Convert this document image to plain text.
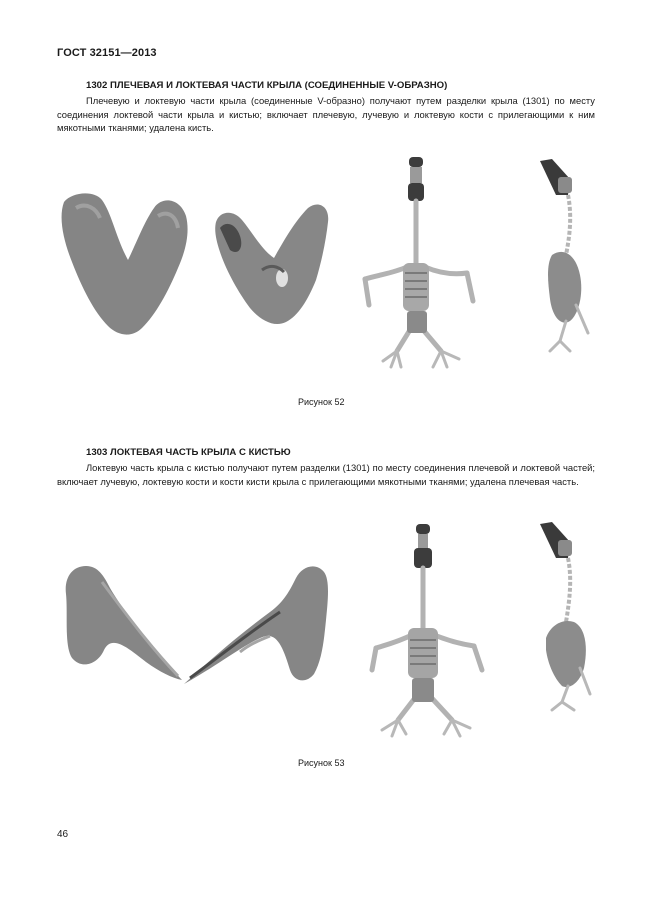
ГОСТ 32151—2013
1302 ПЛЕЧЕВАЯ И ЛОКТЕВАЯ ЧАСТИ КРЫЛА (СОЕДИНЕННЫЕ V-ОБРАЗНО)
Плечевую и локтевую части крыла (соединенные V-образно) получают путем разделки крыла (1301) по месту соединения локтевой части крыла и кистью; включает плечевую, лучевую и локтевую кости с прилегающими к ним мякотными тканями; удалена кисть.
Рисунок 52
1303 ЛОКТЕВАЯ ЧАСТЬ КРЫЛА С КИСТЬЮ
Локтевую часть крыла с кистью получают путем разделки (1301) по месту соединения плечевой и локтевой частей; включает лучевую, локтевую кости и кости кисти крыла с прилегающими мякотными тканями; удалена плечевая часть.
Рисунок 53
46
